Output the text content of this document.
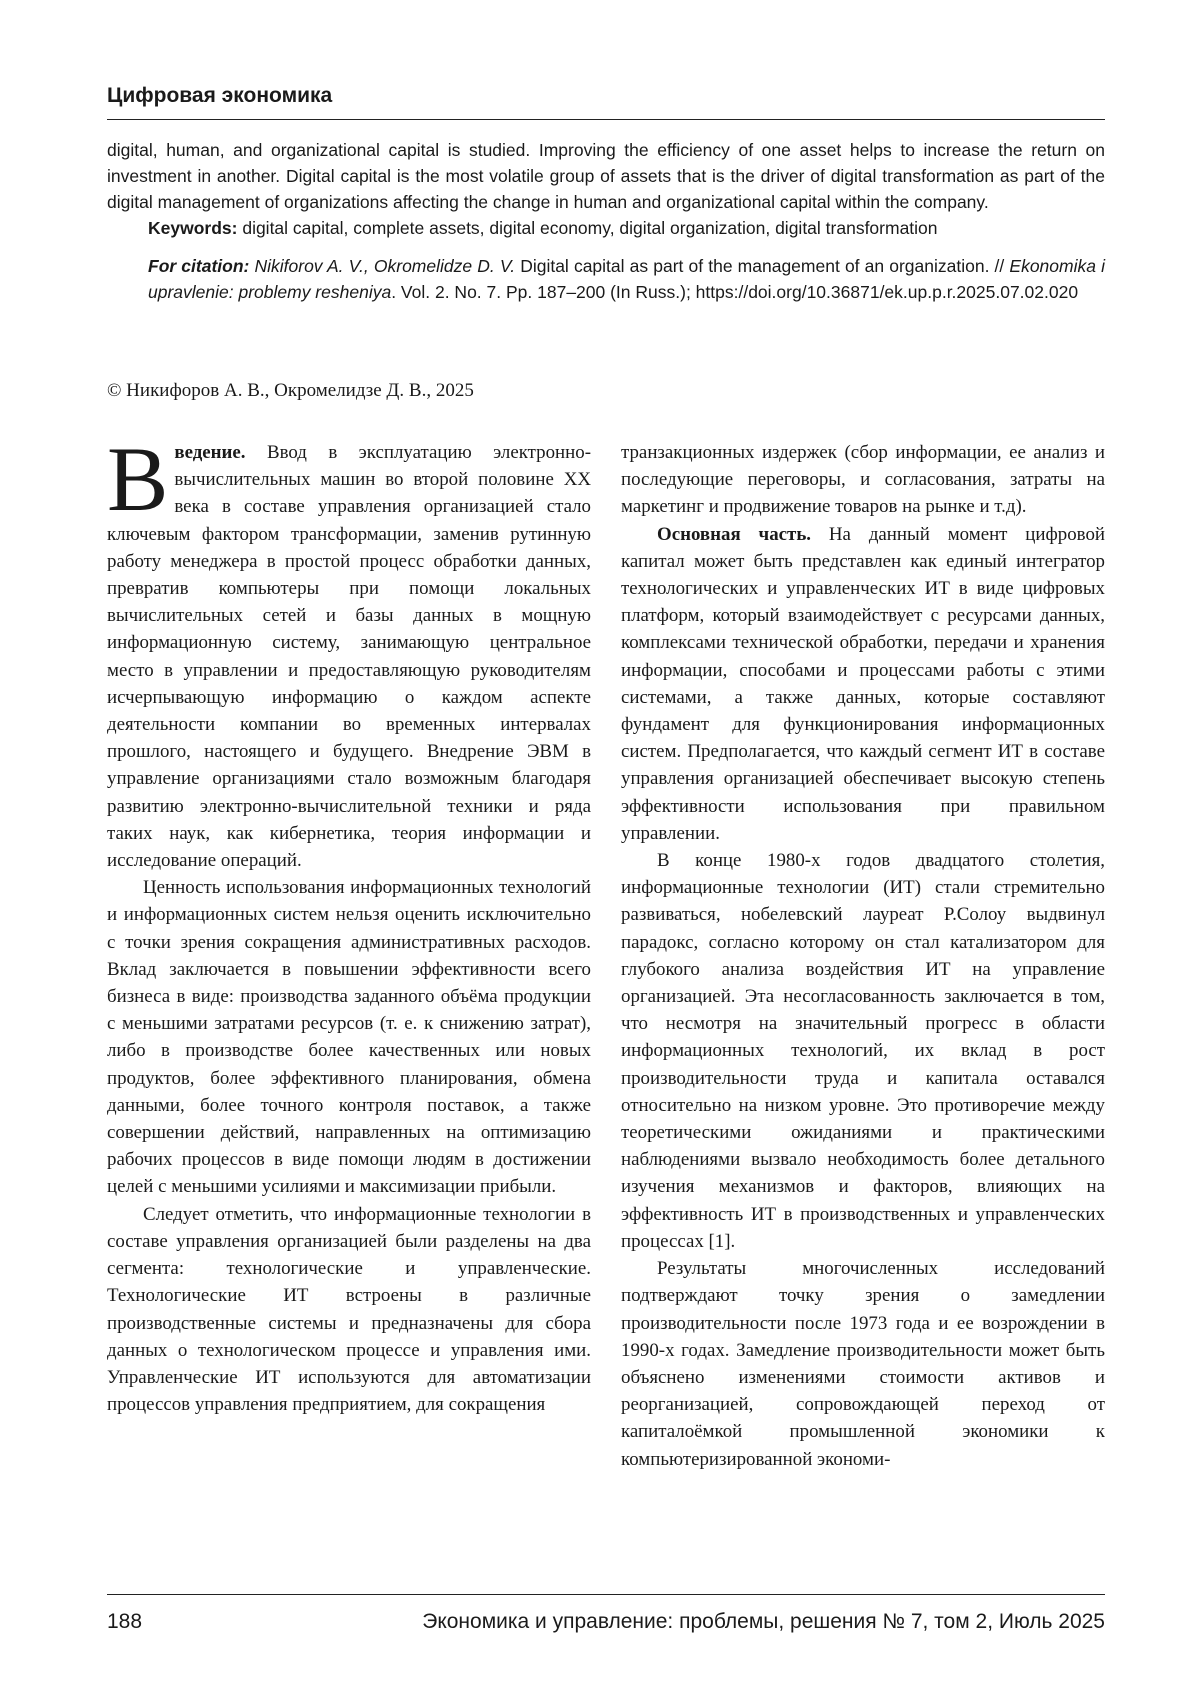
Цифровая экономика

digital, human, and organizational capital is studied. Improving the efficiency of one asset helps to increase the return on investment in another. Digital capital is the most volatile group of assets that is the driver of digital transformation as part of the digital management of organizations affecting the change in human and organizational capital within the company.

Keywords: digital capital, complete assets, digital economy, digital organization, digital transformation

For citation: Nikiforov A. V., Okromelidze D. V. Digital capital as part of the management of an organization. // Ekonomika i upravlenie: problemy resheniya. Vol. 2. No. 7. Pp. 187–200 (In Russ.); https://doi.org/10.36871/ek.up.p.r.2025.07.02.020

© Никифоров А. В., Окромелидзе Д. В., 2025

Введение. Ввод в эксплуатацию электронно-вычислительных машин во второй половине XX века в составе управления организацией стало ключевым фактором трансформации, заменив рутинную работу менеджера в простой процесс обработки данных, превратив компьютеры при помощи локальных вычислительных сетей и базы данных в мощную информационную систему, занимающую центральное место в управлении и предоставляющую руководителям исчерпывающую информацию о каждом аспекте деятельности компании во временных интервалах прошлого, настоящего и будущего. Внедрение ЭВМ в управление организациями стало возможным благодаря развитию электронно-вычислительной техники и ряда таких наук, как кибернетика, теория информации и исследование операций.

Ценность использования информационных технологий и информационных систем нельзя оценить исключительно с точки зрения сокращения административных расходов. Вклад заключается в повышении эффективности всего бизнеса в виде: производства заданного объёма продукции с меньшими затратами ресурсов (т. е. к снижению затрат), либо в производстве более качественных или новых продуктов, более эффективного планирования, обмена данными, более точного контроля поставок, а также совершении действий, направленных на оптимизацию рабочих процессов в виде помощи людям в достижении целей с меньшими усилиями и максимизации прибыли.

Следует отметить, что информационные технологии в составе управления организацией были разделены на два сегмента: технологические и управленческие. Технологические ИТ встроены в различные производственные системы и предназначены для сбора данных о технологическом процессе и управления ими. Управленческие ИТ используются для автоматизации процессов управления предприятием, для сокращения

транзакционных издержек (сбор информации, ее анализ и последующие переговоры, и согласования, затраты на маркетинг и продвижение товаров на рынке и т.д).

Основная часть. На данный момент цифровой капитал может быть представлен как единый интегратор технологических и управленческих ИТ в виде цифровых платформ, который взаимодействует с ресурсами данных, комплексами технической обработки, передачи и хранения информации, способами и процессами работы с этими системами, а также данных, которые составляют фундамент для функционирования информационных систем. Предполагается, что каждый сегмент ИТ в составе управления организацией обеспечивает высокую степень эффективности использования при правильном управлении.

В конце 1980-х годов двадцатого столетия, информационные технологии (ИТ) стали стремительно развиваться, нобелевский лауреат Р.Солоу выдвинул парадокс, согласно которому он стал катализатором для глубокого анализа воздействия ИТ на управление организацией. Эта несогласованность заключается в том, что несмотря на значительный прогресс в области информационных технологий, их вклад в рост производительности труда и капитала оставался относительно на низком уровне. Это противоречие между теоретическими ожиданиями и практическими наблюдениями вызвало необходимость более детального изучения механизмов и факторов, влияющих на эффективность ИТ в производственных и управленческих процессах [1].

Результаты многочисленных исследований подтверждают точку зрения о замедлении производительности после 1973 года и ее возрождении в 1990-х годах. Замедление производительности может быть объяснено изменениями стоимости активов и реорганизацией, сопровождающей переход от капиталоёмкой промышленной экономики к компьютеризированной экономи-

188	Экономика и управление: проблемы, решения № 7, том 2, Июль 2025
